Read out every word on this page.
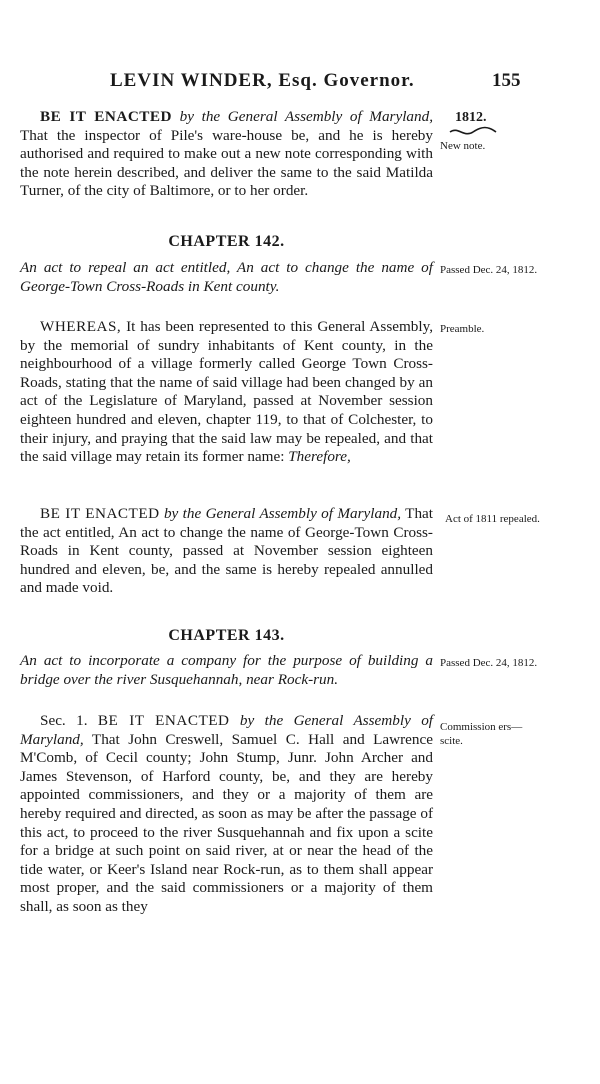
LEVIN WINDER, Esq. Governor.	155
1812.
New note.

BE IT ENACTED by the General Assembly of Maryland, That the inspector of Pile's ware-house be, and he is hereby authorised and required to make out a new note corresponding with the note herein described, and deliver the same to the said Matilda Turner, of the city of Baltimore, or to her order.

CHAPTER 142.
An act to repeal an act entitled, An act to change the name of George-Town Cross-Roads in Kent county.
Passed Dec. 24, 1812.

WHEREAS, It has been represented to this General Assembly, by the memorial of sundry inhabitants of Kent county, in the neighbourhood of a village formerly called George Town Cross-Roads, stating that the name of said village had been changed by an act of the Legislature of Maryland, passed at November session eighteen hundred and eleven, chapter 119, to that of Colchester, to their injury, and praying that the said law may be repealed, and that the said village may retain its former name: Therefore,

Preamble.

BE IT ENACTED by the General Assembly of Maryland, That the act entitled, An act to change the name of George-Town Cross-Roads in Kent county, passed at November session eighteen hundred and eleven, be, and the same is hereby repealed annulled and made void.

Act of 1811 repealed.
CHAPTER 143.
An act to incorporate a company for the purpose of building a bridge over the river Susquehannah, near Rock-run.
Passed Dec. 24, 1812.

Sec. 1. BE IT ENACTED by the General Assembly of Maryland, That John Creswell, Samuel C. Hall and Lawrence M'Comb, of Cecil county; John Stump, Junr. John Archer and James Stevenson, of Harford county, be, and they are hereby appointed commissioners, and they or a majority of them are hereby required and directed, as soon as may be after the passage of this act, to proceed to the river Susquehannah and fix upon a scite for a bridge at such point on said river, at or near the head of the tide water, or Keer's Island near Rock-run, as to them shall appear most proper, and the said commissioners or a majority of them shall, as soon as they

Commission ers—scite.
